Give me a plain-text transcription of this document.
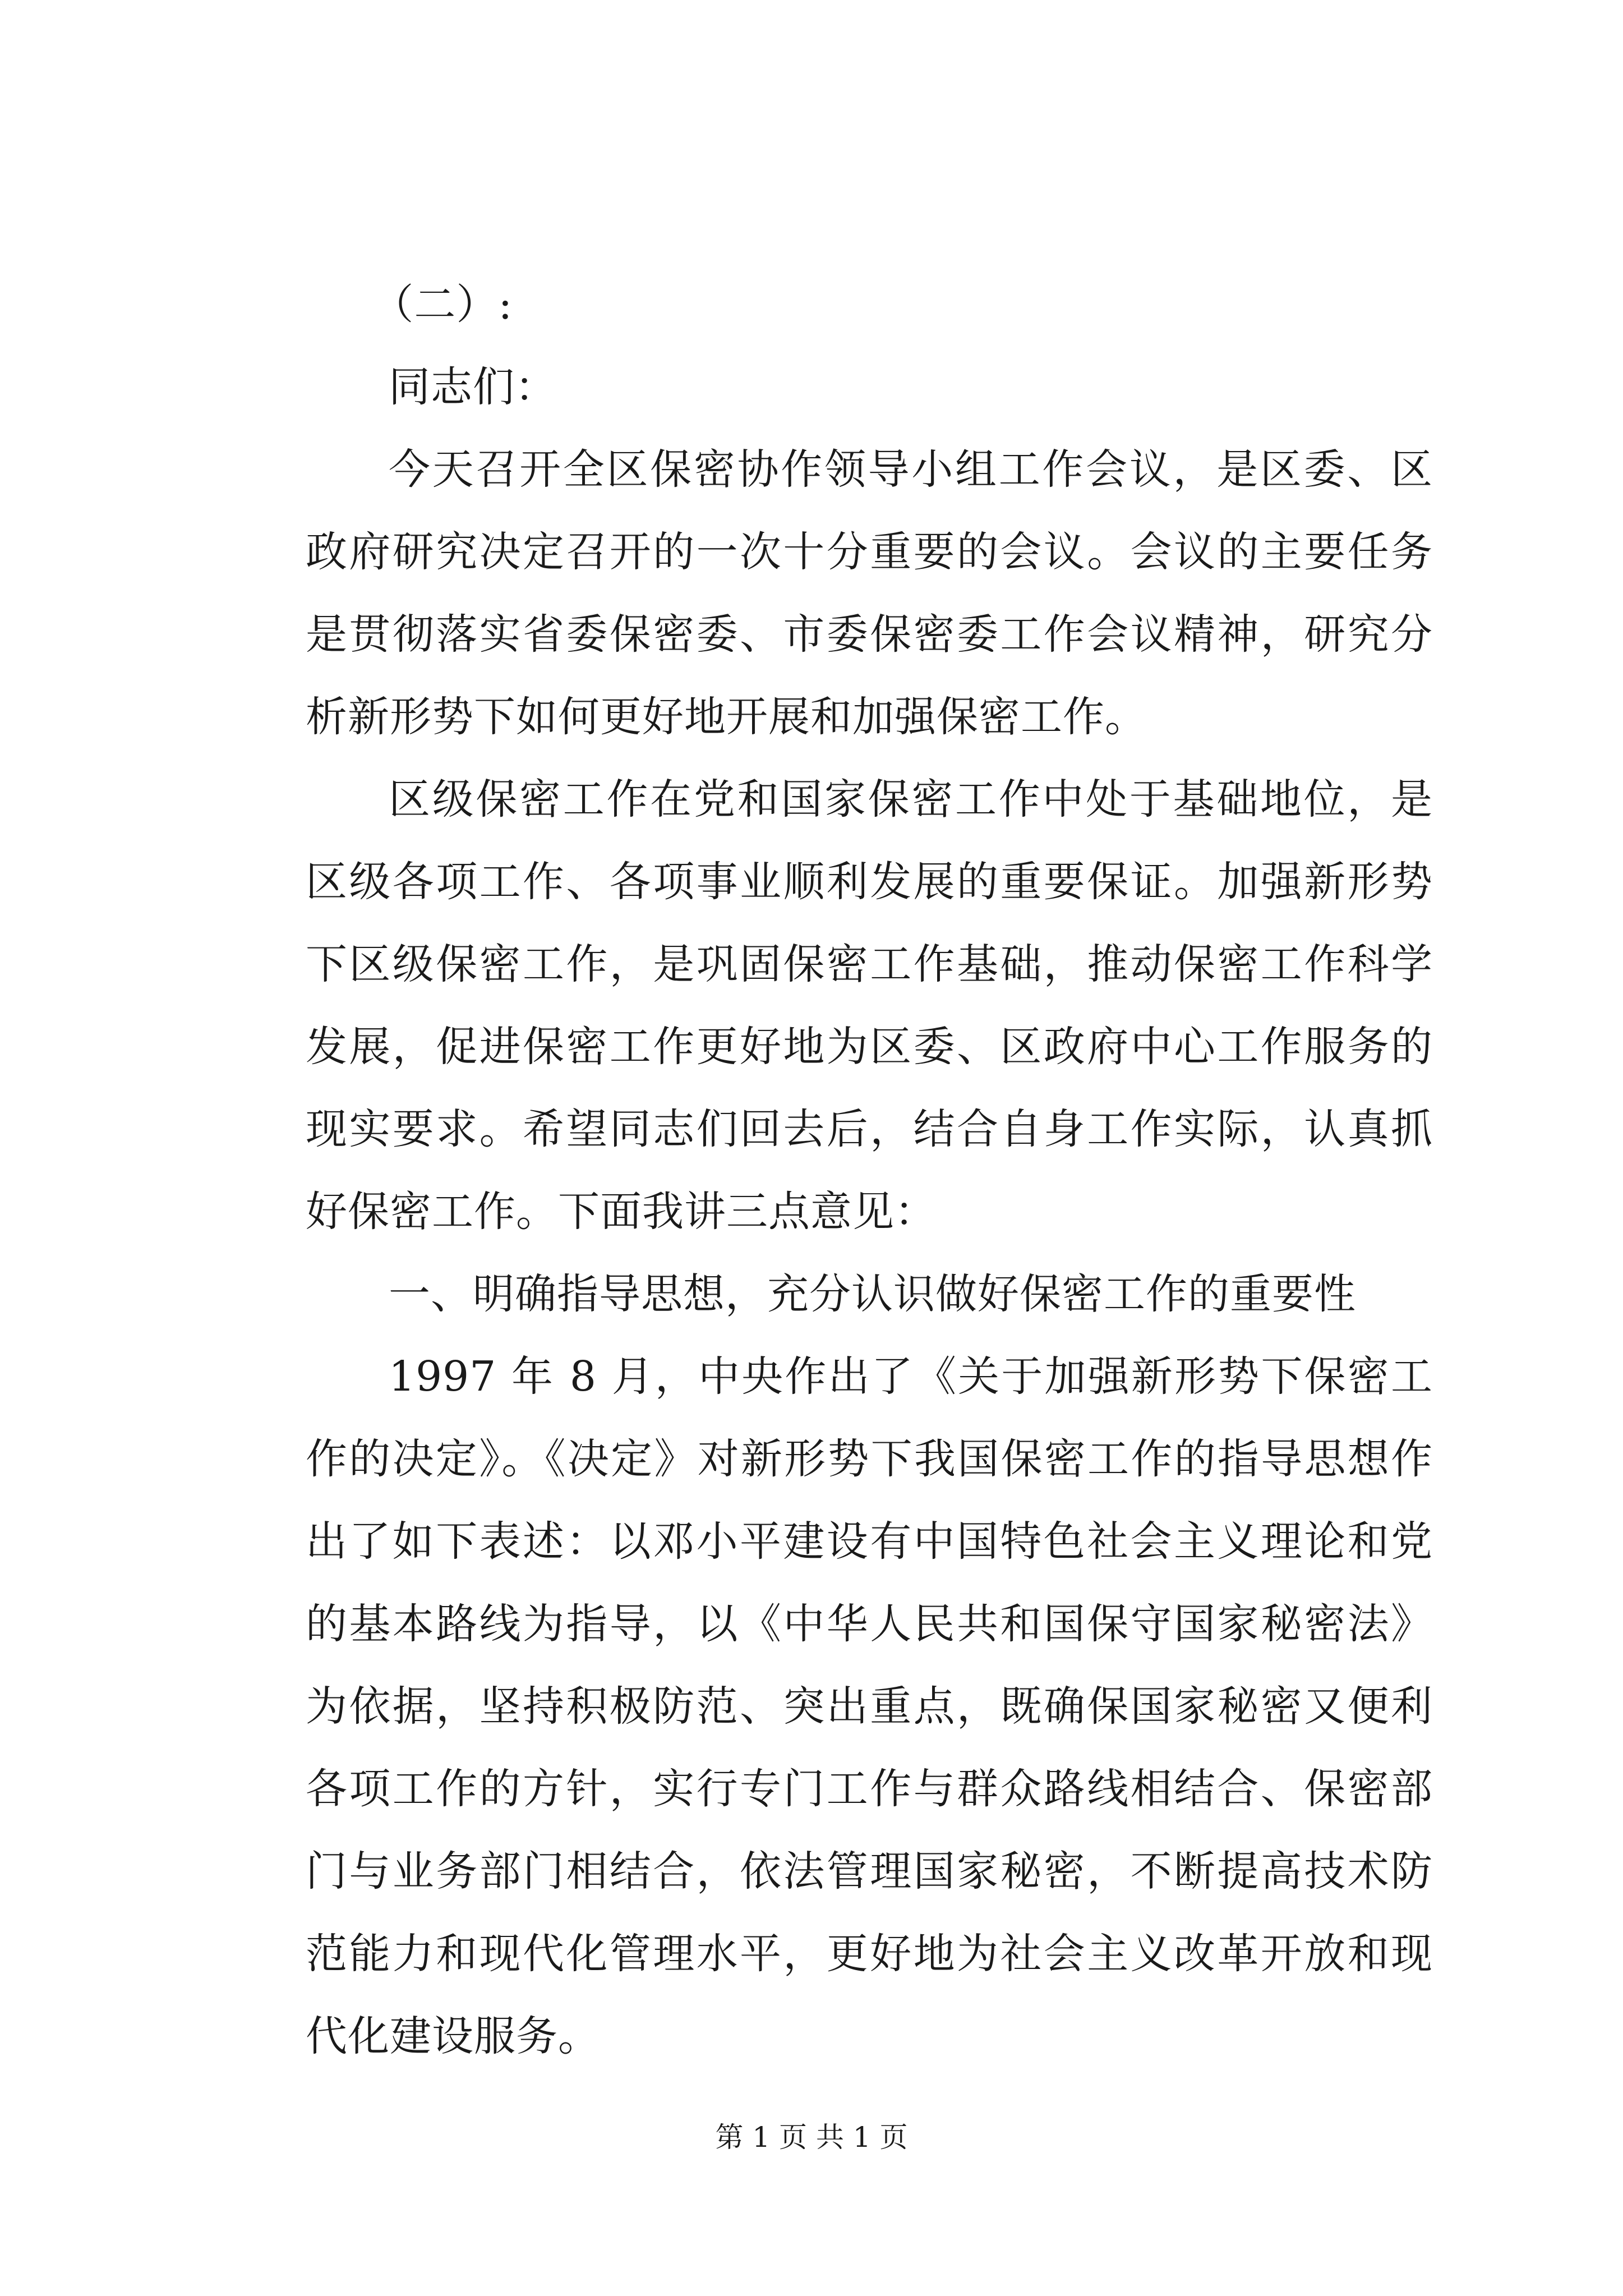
（二）:

同志们：

今天召开全区保密协作领导小组工作会议，是区委、区政府研究决定召开的一次十分重要的会议。会议的主要任务是贯彻落实省委保密委、市委保密委工作会议精神，研究分析新形势下如何更好地开展和加强保密工作。

区级保密工作在党和国家保密工作中处于基础地位，是区级各项工作、各项事业顺利发展的重要保证。加强新形势下区级保密工作，是巩固保密工作基础，推动保密工作科学发展，促进保密工作更好地为区委、区政府中心工作服务的现实要求。希望同志们回去后，结合自身工作实际，认真抓好保密工作。下面我讲三点意见：

一、明确指导思想，充分认识做好保密工作的重要性

1997 年 8 月，中央作出了《关于加强新形势下保密工作的决定》。《决定》对新形势下我国保密工作的指导思想作出了如下表述：以邓小平建设有中国特色社会主义理论和党的基本路线为指导，以《中华人民共和国保守国家秘密法》为依据，坚持积极防范、突出重点，既确保国家秘密又便利各项工作的方针，实行专门工作与群众路线相结合、保密部门与业务部门相结合，依法管理国家秘密，不断提高技术防范能力和现代化管理水平，更好地为社会主义改革开放和现代化建设服务。

第 1 页 共 1 页
